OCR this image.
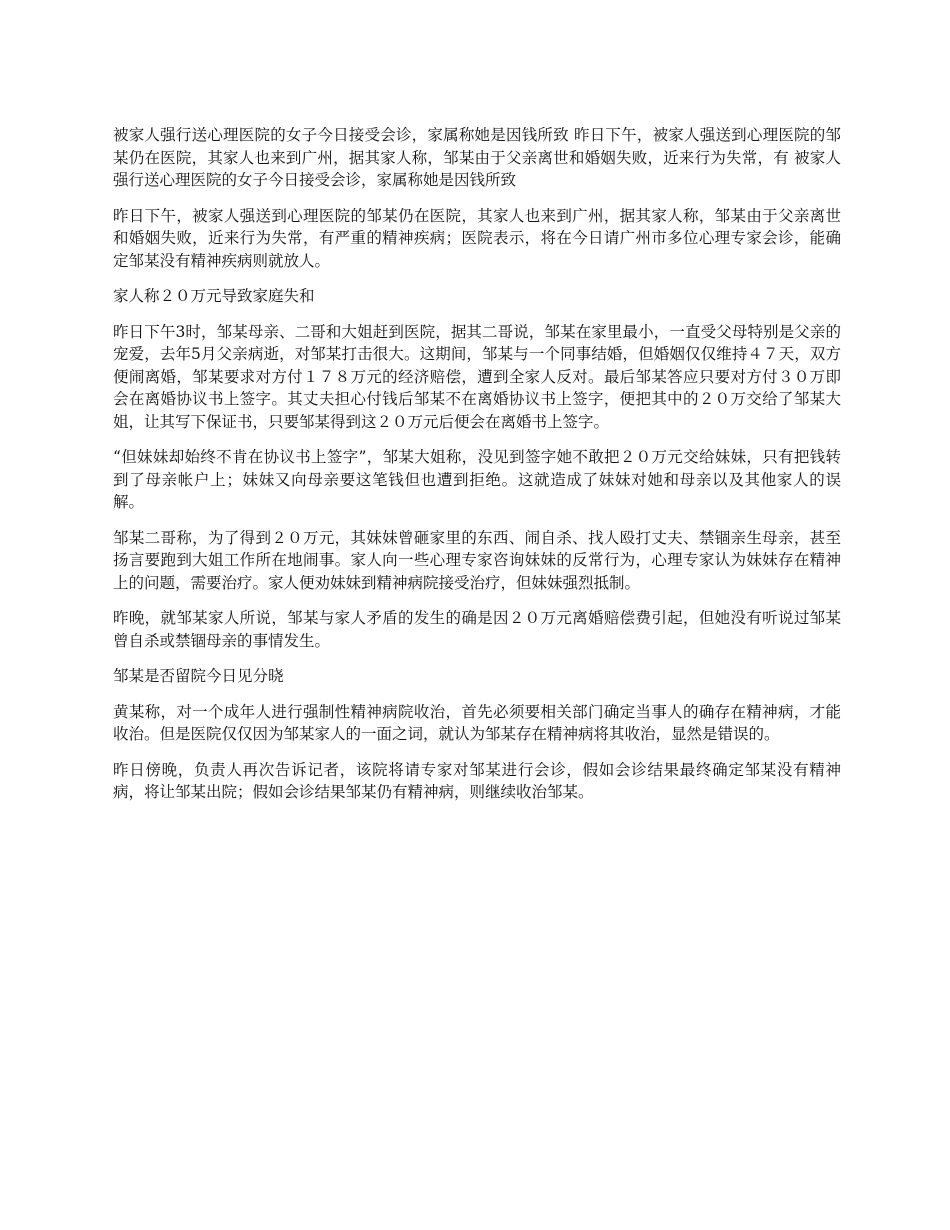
被家人强行送心理医院的女子今日接受会诊，家属称她是因钱所致 昨日下午，被家人强送到心理医院的邹某仍在医院，其家人也来到广州，据其家人称，邹某由于父亲离世和婚姻失败，近来行为失常，有 被家人强行送心理医院的女子今日接受会诊，家属称她是因钱所致

昨日下午，被家人强送到心理医院的邹某仍在医院，其家人也来到广州，据其家人称，邹某由于父亲离世和婚姻失败，近来行为失常，有严重的精神疾病；医院表示，将在今日请广州市多位心理专家会诊，能确定邹某没有精神疾病则就放人。

家人称２０万元导致家庭失和

昨日下午3时，邹某母亲、二哥和大姐赶到医院，据其二哥说，邹某在家里最小，一直受父母特别是父亲的宠爱，去年5月父亲病逝，对邹某打击很大。这期间，邹某与一个同事结婚，但婚姻仅仅维持４７天，双方便闹离婚，邹某要求对方付１７８万元的经济赔偿，遭到全家人反对。最后邹某答应只要对方付３０万即会在离婚协议书上签字。其丈夫担心付钱后邹某不在离婚协议书上签字，便把其中的２０万交给了邹某大姐，让其写下保证书，只要邹某得到这２０万元后便会在离婚书上签字。

“但妹妹却始终不肯在协议书上签字”，邹某大姐称，没见到签字她不敢把２０万元交给妹妹，只有把钱转到了母亲帐户上；妹妹又向母亲要这笔钱但也遭到拒绝。这就造成了妹妹对她和母亲以及其他家人的误解。

邹某二哥称，为了得到２０万元，其妹妹曾砸家里的东西、闹自杀、找人殴打丈夫、禁锢亲生母亲，甚至扬言要跑到大姐工作所在地闹事。家人向一些心理专家咨询妹妹的反常行为，心理专家认为妹妹存在精神上的问题，需要治疗。家人便劝妹妹到精神病院接受治疗，但妹妹强烈抵制。

昨晚，就邹某家人所说，邹某与家人矛盾的发生的确是因２０万元离婚赔偿费引起，但她没有听说过邹某曾自杀或禁锢母亲的事情发生。

邹某是否留院今日见分晓

黄某称，对一个成年人进行强制性精神病院收治，首先必须要相关部门确定当事人的确存在精神病，才能收治。但是医院仅仅因为邹某家人的一面之词，就认为邹某存在精神病将其收治，显然是错误的。

昨日傍晚，负责人再次告诉记者，该院将请专家对邹某进行会诊，假如会诊结果最终确定邹某没有精神病，将让邹某出院；假如会诊结果邹某仍有精神病，则继续收治邹某。
